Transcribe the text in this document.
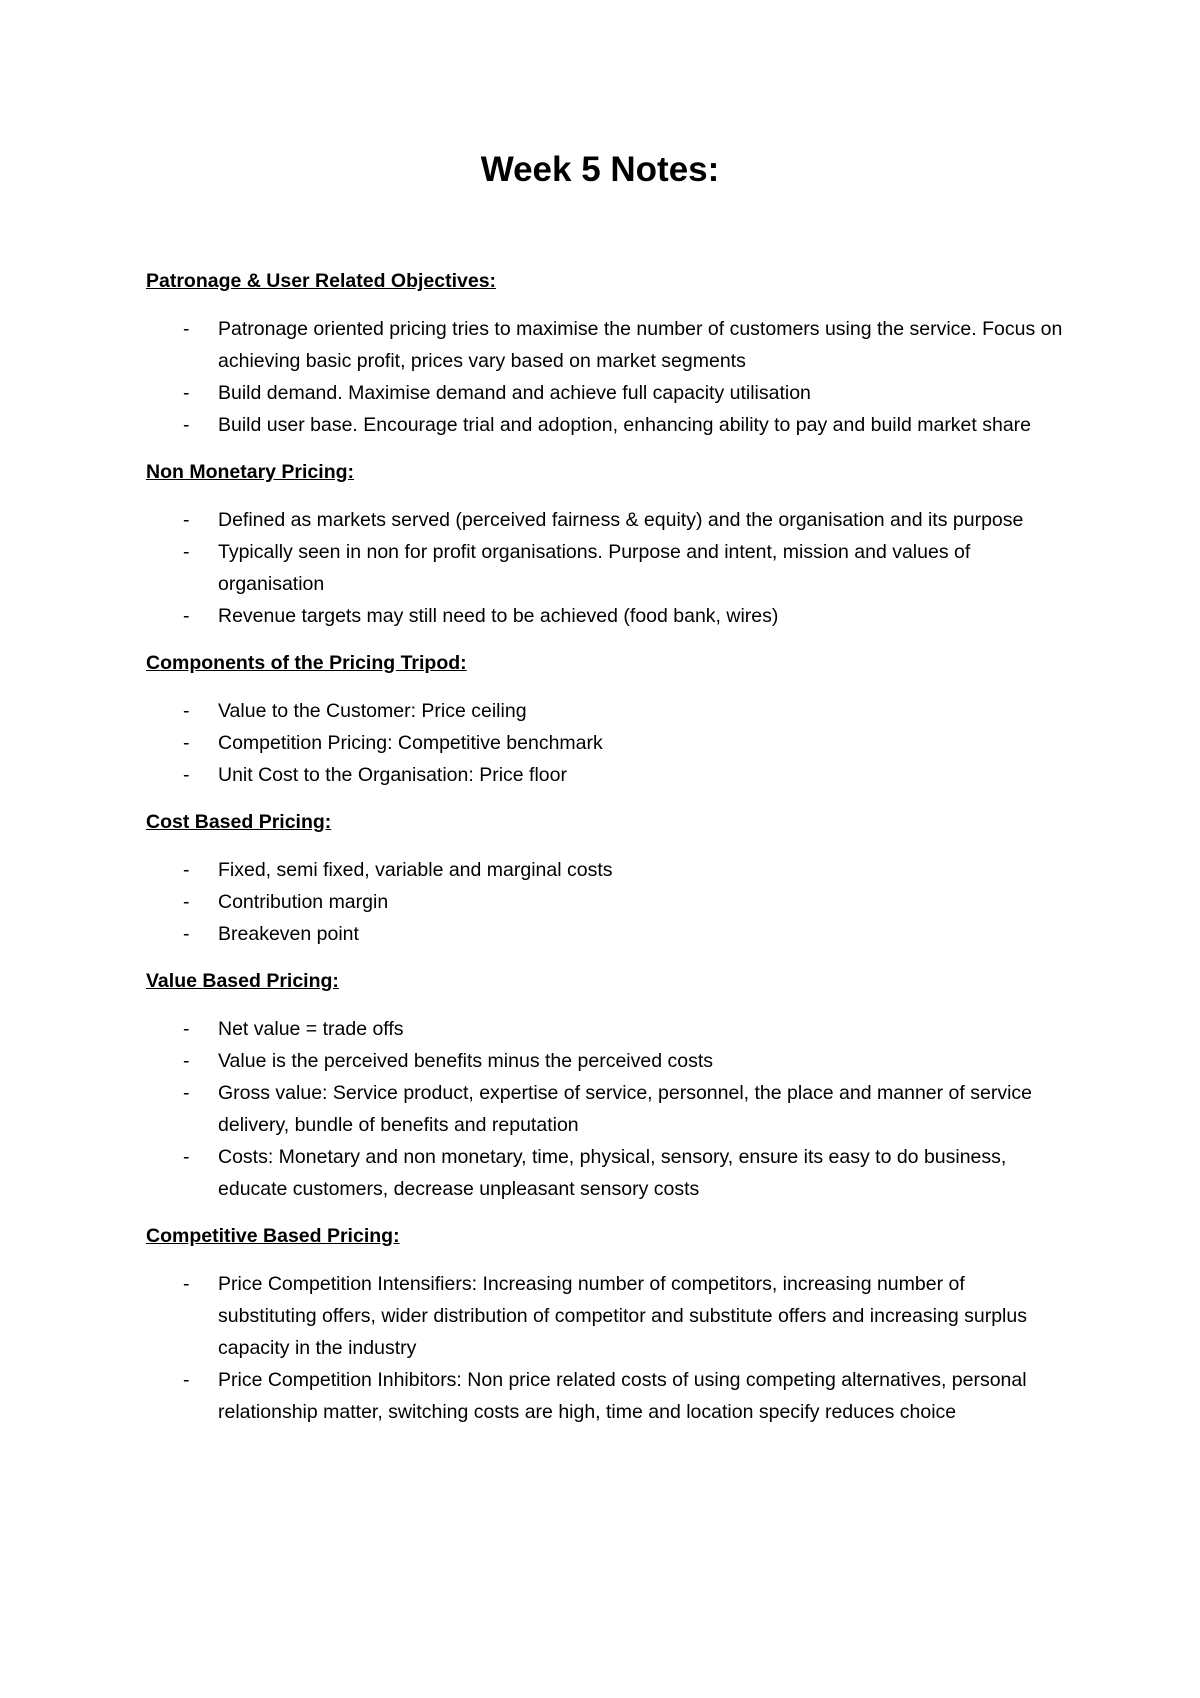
Week 5 Notes:
Patronage & User Related Objectives:
- Patronage oriented pricing tries to maximise the number of customers using the service. Focus on achieving basic profit, prices vary based on market segments
- Build demand. Maximise demand and achieve full capacity utilisation
- Build user base. Encourage trial and adoption, enhancing ability to pay and build market share
Non Monetary Pricing:
- Defined as markets served (perceived fairness & equity) and the organisation and its purpose
- Typically seen in non for profit organisations. Purpose and intent, mission and values of organisation
- Revenue targets may still need to be achieved (food bank, wires)
Components of the Pricing Tripod:
- Value to the Customer: Price ceiling
- Competition Pricing: Competitive benchmark
- Unit Cost to the Organisation: Price floor
Cost Based Pricing:
- Fixed, semi fixed, variable and marginal costs
- Contribution margin
- Breakeven point
Value Based Pricing:
- Net value = trade offs
- Value is the perceived benefits minus the perceived costs
- Gross value: Service product, expertise of service, personnel, the place and manner of service delivery, bundle of benefits and reputation
- Costs: Monetary and non monetary, time, physical, sensory, ensure its easy to do business, educate customers, decrease unpleasant sensory costs
Competitive Based Pricing:
- Price Competition Intensifiers: Increasing number of competitors, increasing number of substituting offers, wider distribution of competitor and substitute offers and increasing surplus capacity in the industry
- Price Competition Inhibitors: Non price related costs of using competing alternatives, personal relationship matter, switching costs are high, time and location specify reduces choice
